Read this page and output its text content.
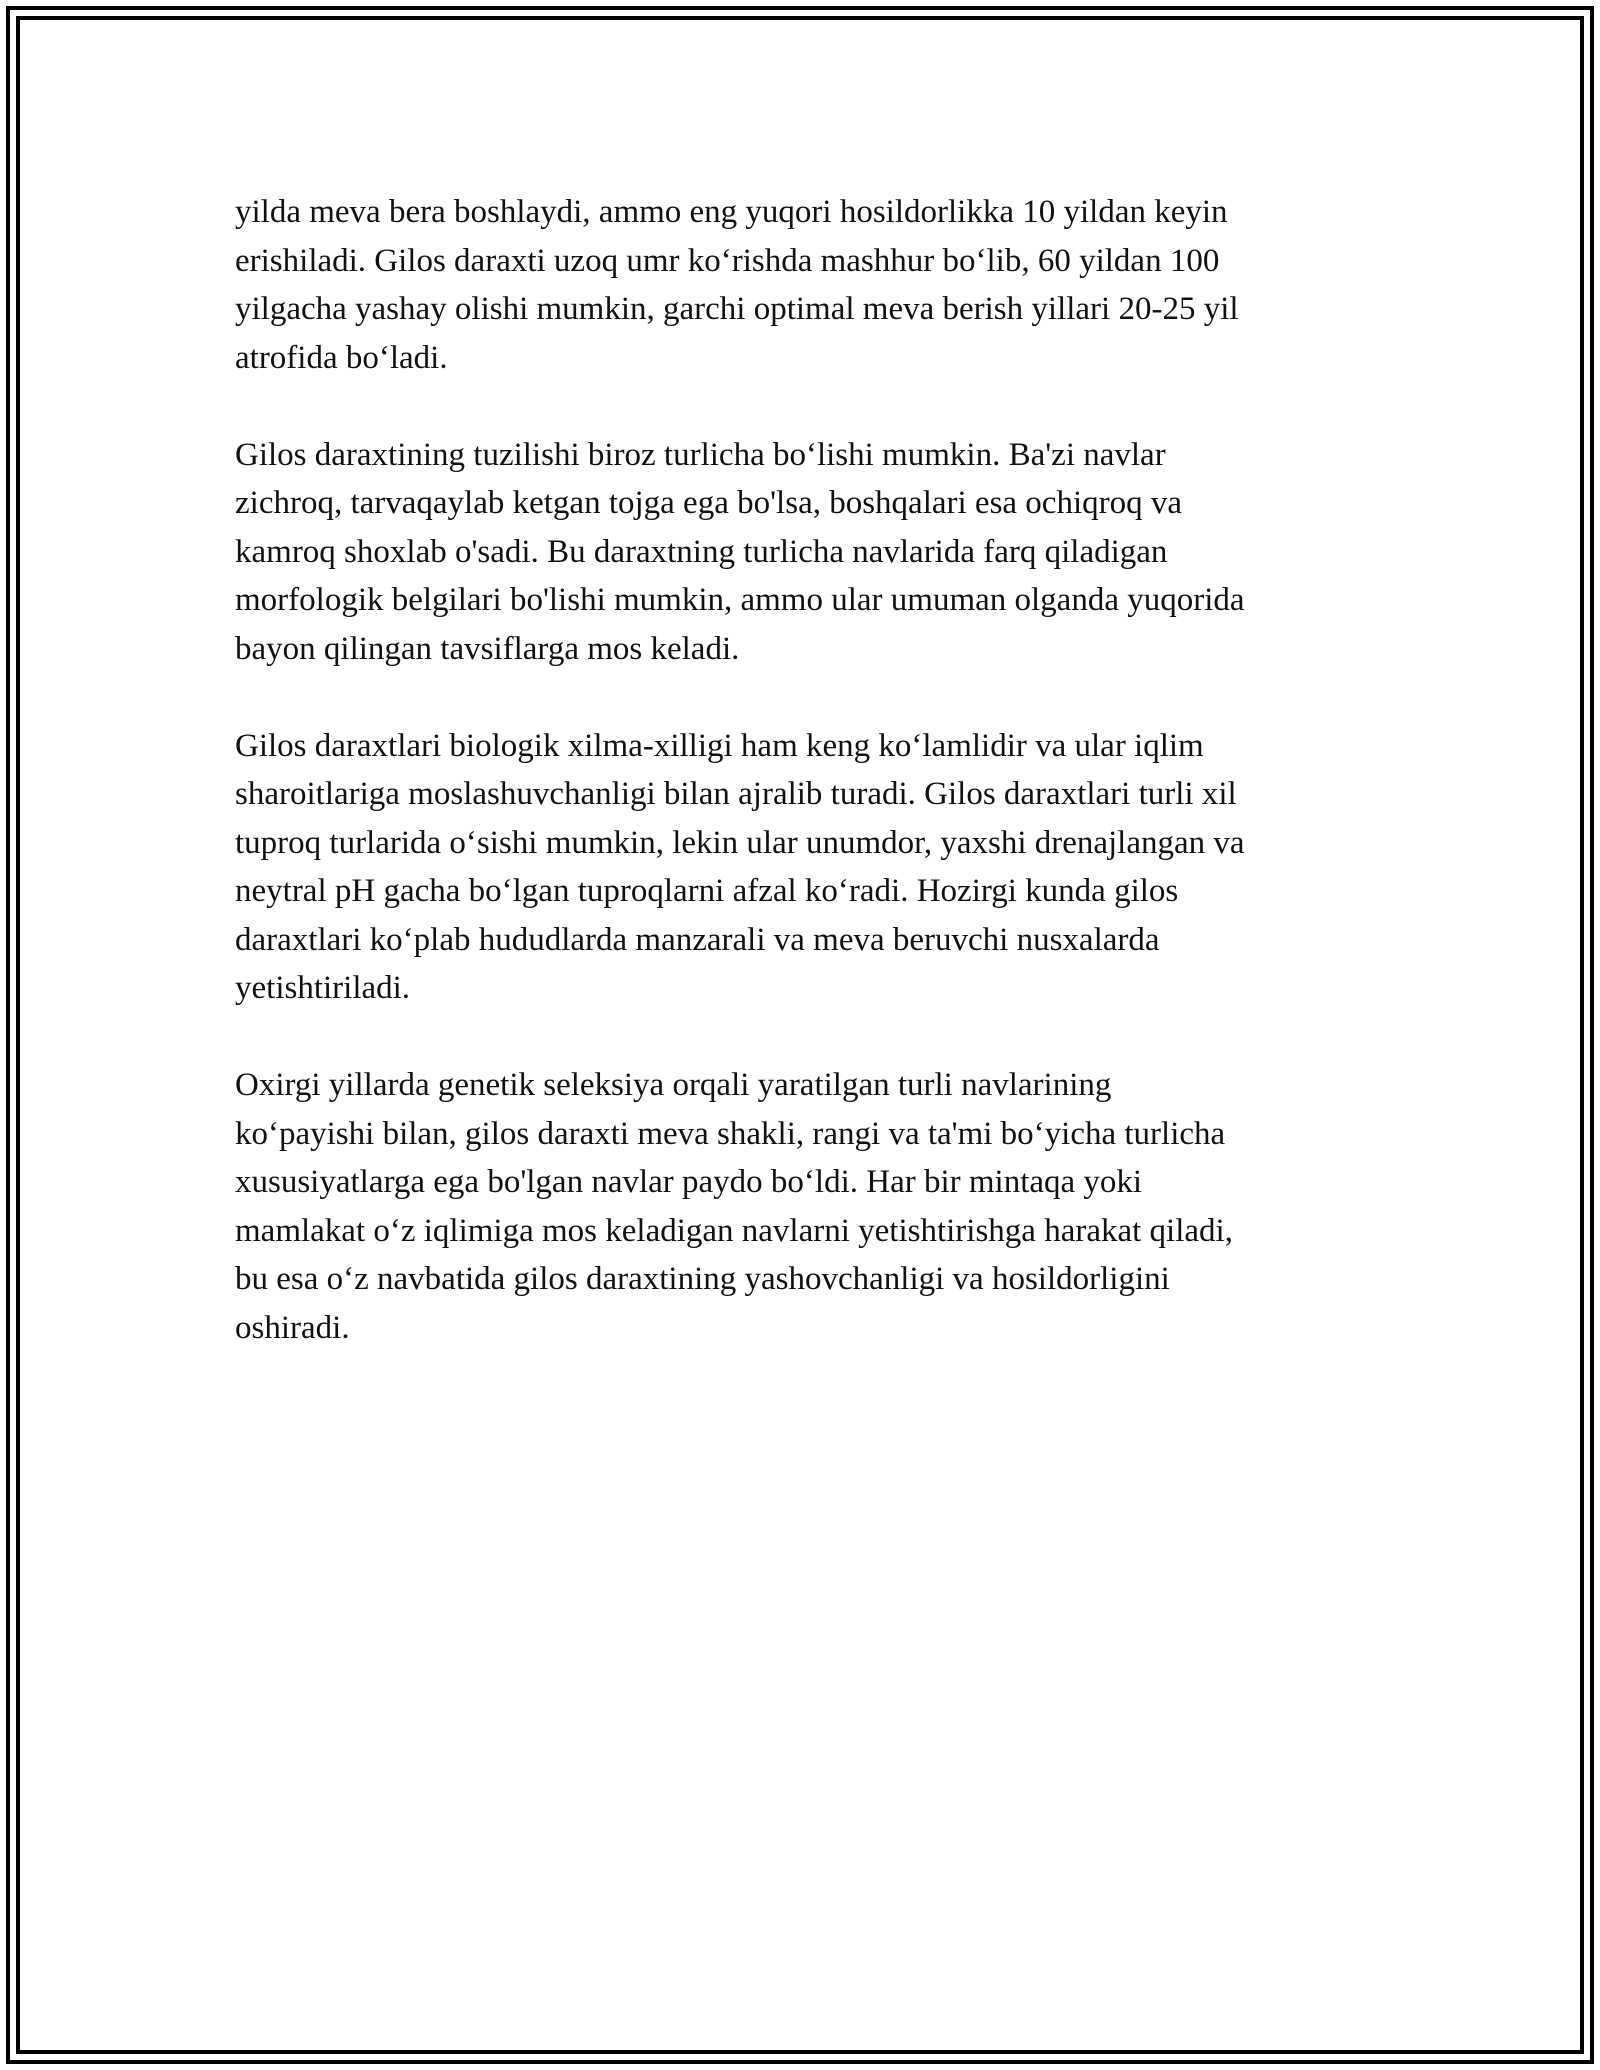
yilda meva bera boshlaydi, ammo eng yuqori hosildorlikka 10 yildan keyin
erishiladi. Gilos daraxti uzoq umr koʻrishda mashhur boʻlib, 60 yildan 100
yilgacha yashay olishi mumkin, garchi optimal meva berish yillari 20-25 yil
atrofida boʻladi.

Gilos daraxtining tuzilishi biroz turlicha boʻlishi mumkin. Ba'zi navlar
zichroq, tarvaqaylab ketgan tojga ega bo'lsa, boshqalari esa ochiqroq va
kamroq shoxlab o'sadi. Bu daraxtning turlicha navlarida farq qiladigan
morfologik belgilari bo'lishi mumkin, ammo ular umuman olganda yuqorida
bayon qilingan tavsiflarga mos keladi.

Gilos daraxtlari biologik xilma-xilligi ham keng koʻlamlidir va ular iqlim
sharoitlariga moslashuvchanligi bilan ajralib turadi. Gilos daraxtlari turli xil
tuproq turlarida oʻsishi mumkin, lekin ular unumdor, yaxshi drenajlangan va
neytral pH gacha boʻlgan tuproqlarni afzal koʻradi. Hozirgi kunda gilos
daraxtlari koʻplab hududlarda manzarali va meva beruvchi nusxalarda
yetishtiriladi.

Oxirgi yillarda genetik seleksiya orqali yaratilgan turli navlarining
koʻpayishi bilan, gilos daraxti meva shakli, rangi va ta'mi boʻyicha turlicha
xususiyatlarga ega bo'lgan navlar paydo boʻldi. Har bir mintaqa yoki
mamlakat oʻz iqlimiga mos keladigan navlarni yetishtirishga harakat qiladi,
bu esa oʻz navbatida gilos daraxtining yashovchanligi va hosildorligini
oshiradi.
